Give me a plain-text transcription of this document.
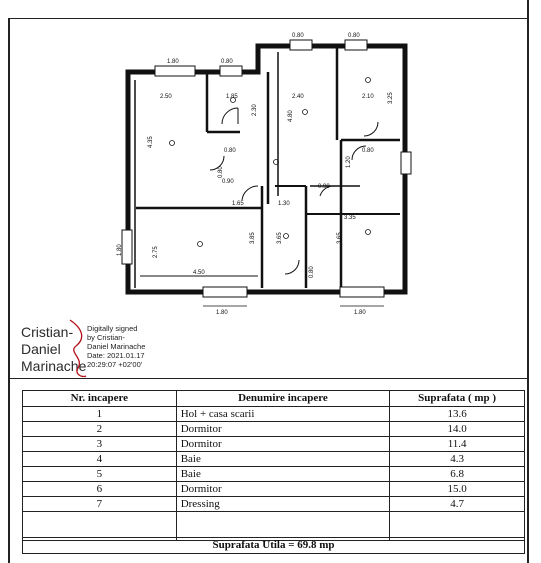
1.80	0.80
0.80	0.80
2.50	1.85	2.40	2.10
4.35
2.30
4.80
3.25
0.80
0.90
1.65
0.80
0.90
1.20
0.80
1.30
3.35
2.75
3.85	3.65	3.65
0.80
1.80
4.50
1.80	1.80
Cristian-
Daniel
Marinache
Digitally signed
by Cristian-
Daniel Marinache
Date: 2021.01.17
20:29:07 +02'00'
Nr. incapere	Denumire incapere	Suprafata ( mp )
1	Hol + casa scarii	13.6
2	Dormitor	14.0
3	Dormitor	11.4
4	Baie	4.3
5	Baie	6.8
6	Dormitor	15.0
7	Dressing	4.7

Suprafata Utila = 69.8 mp
